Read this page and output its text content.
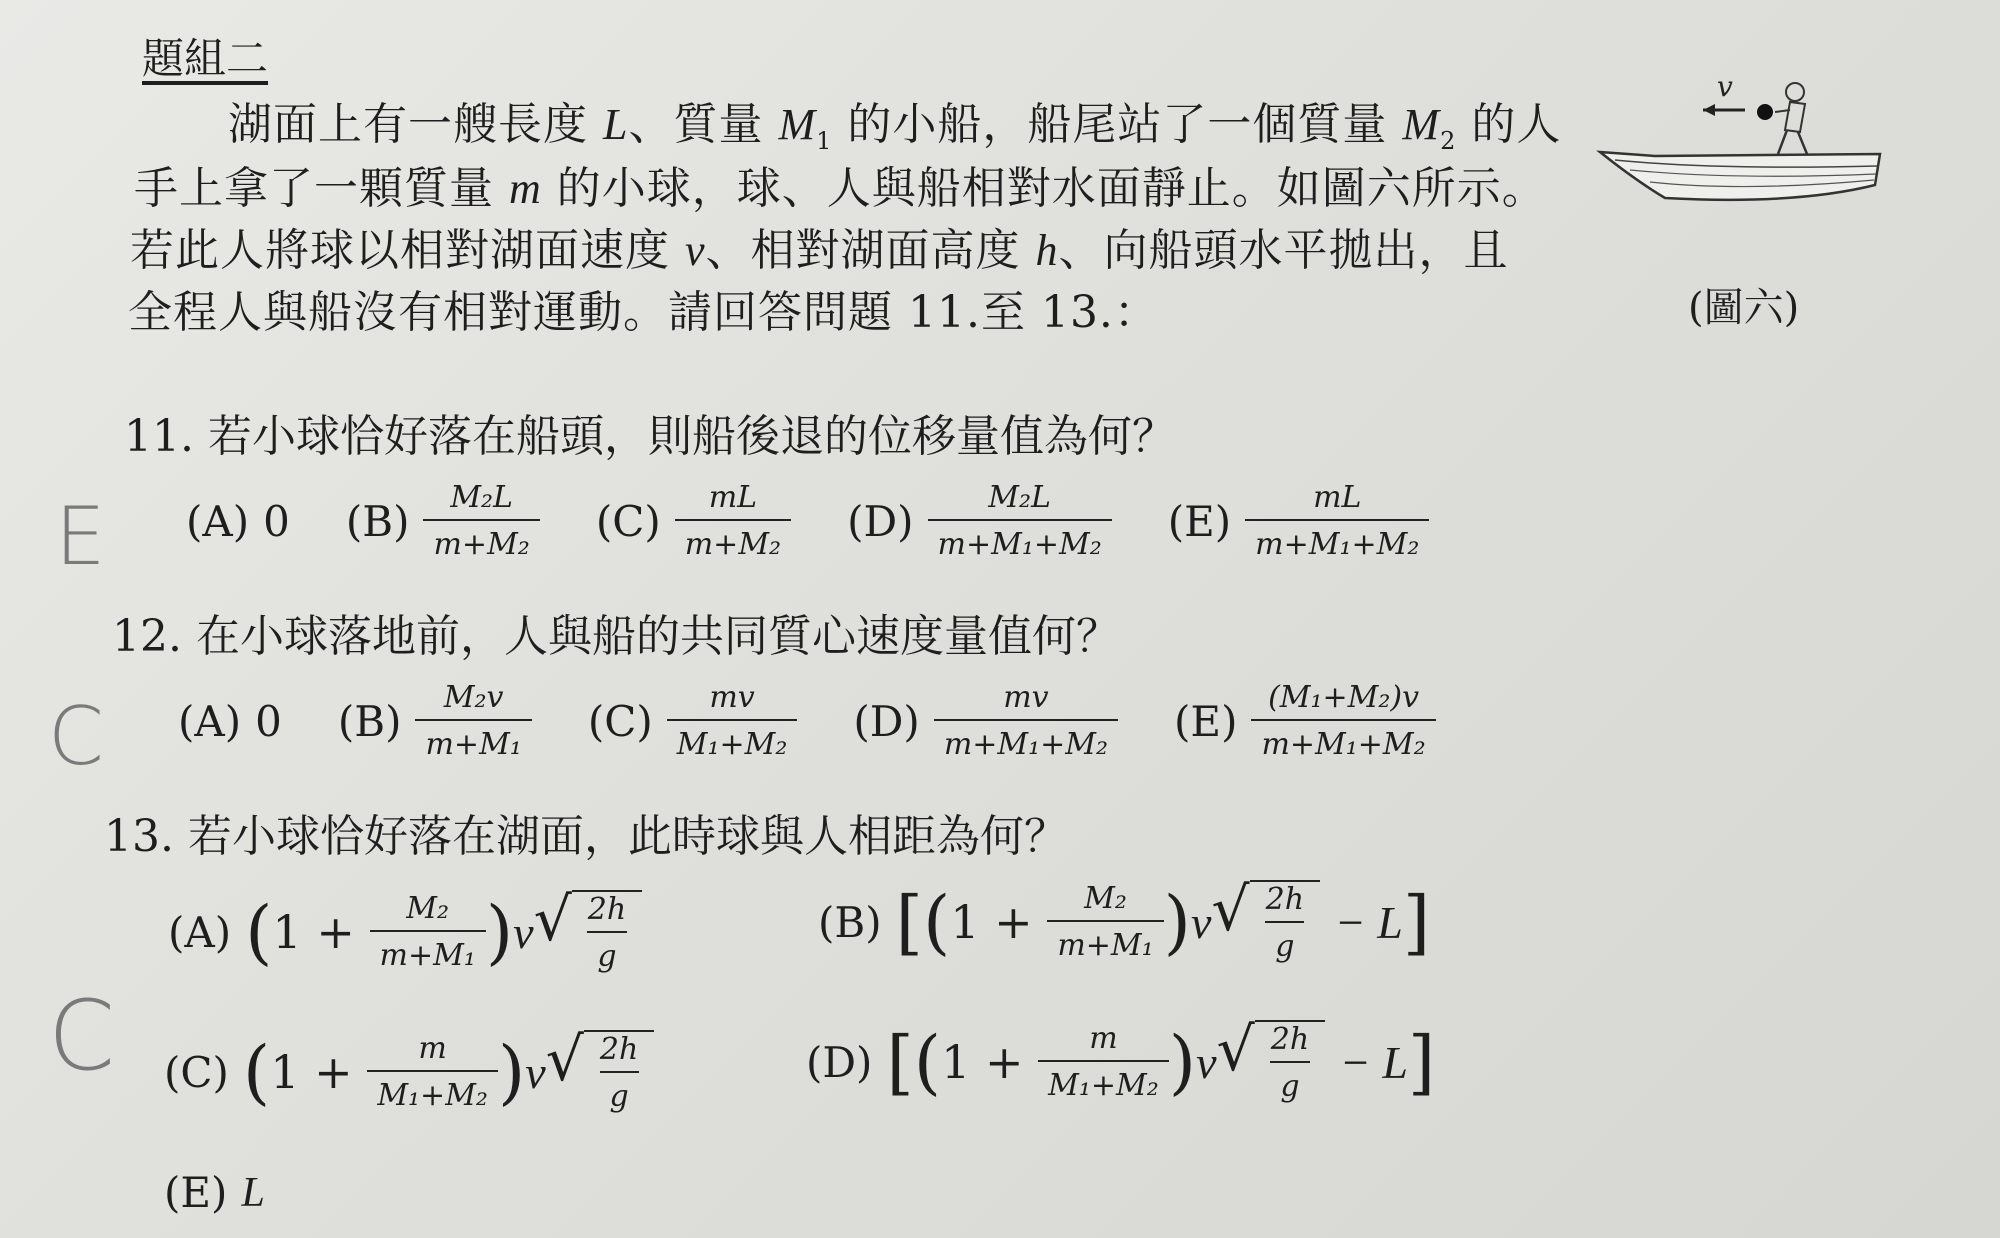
題組二
湖面上有一艘長度 L、質量 $M_1$ 的小船，船尾站了一個質量 $M_2$ 的人
手上拿了一顆質量 m 的小球，球、人與船相對水面靜止。如圖六所示。
若此人將球以相對湖面速度 v、相對湖面高度 h、向船頭水平拋出，且
全程人與船沒有相對運動。請回答問題 11.至 13.：
v
(圖六)
11. 若小球恰好落在船頭，則船後退的位移量值為何？
E (A) 0 $(B) \frac{\text{M₂L}}{\text{m+M₂}} (C) \frac{mL}{\text{m+M₂}} (D) \frac{\text{M₂L}}{\text{m+M₁+M₂}} (E) \frac{mL}{\text{m+M₁+M₂}}$
12. 在小球落地前，人與船的共同質心速度量值何？
C (A) 0 $(B) \frac{\text{M₂v}}{\text{m+M₁}} (C) \frac{mv}{\text{M₁+M₂}} (D) \frac{mv}{\text{m+M₁+M₂}} (E) \frac{\text{(M₁+M₂)v}}{\text{m+M₁+M₂}}$
13. 若小球恰好落在湖面，此時球與人相距為何？
C
(A) ( 1
+
$\frac{\text{M₂}}{\text{m+M₁}}$ ) v √ $\frac{2h}{g}$	(B) [ ( 1
+
$\frac{\text{M₂}}{\text{m+M₁}}$ ) v √ $\frac{2h}{g}$
− L ]
(C) ( 1
+
$\frac{m}{\text{M₁+M₂}}$ ) v √ $\frac{2h}{g}$	(D) [ ( 1
+
$\frac{m}{\text{M₁+M₂}}$ ) v √ $\frac{2h}{g}$
− L ]
(E) L
